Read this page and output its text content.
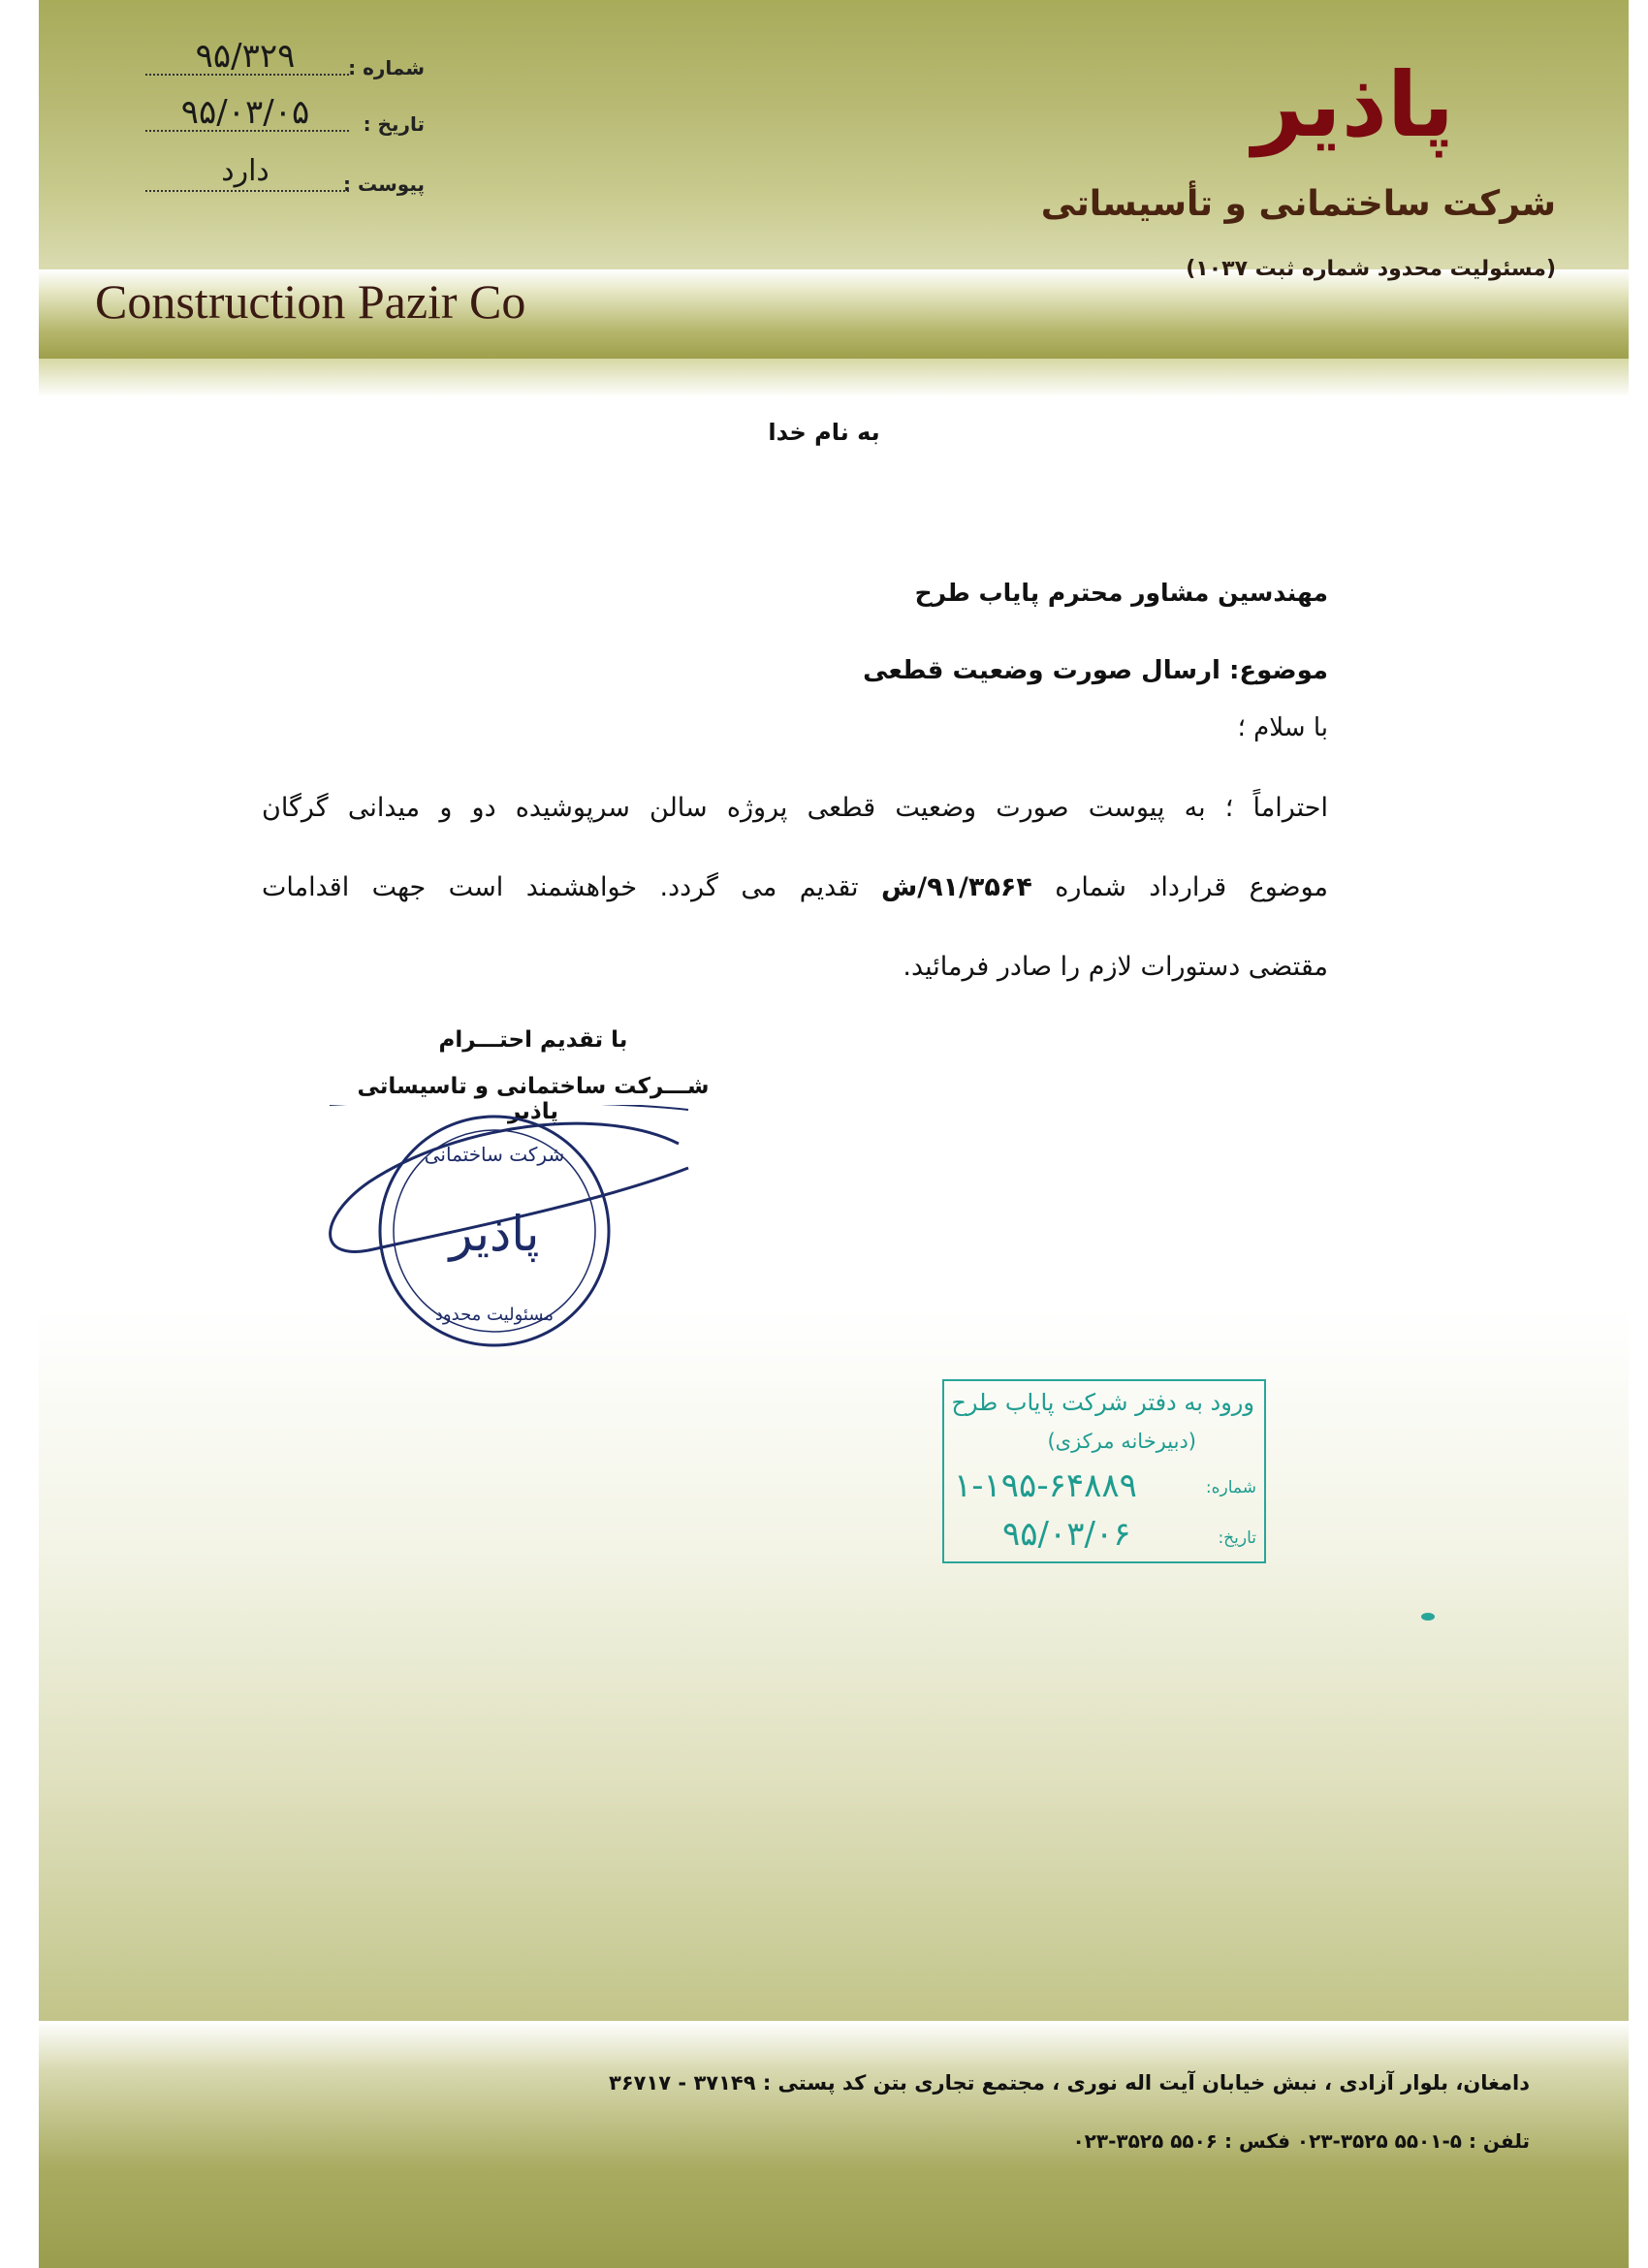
شماره :
۹۵/۳۲۹
تاریخ :
۹۵/۰۳/۰۵
پیوست :
دارد
پاذیر
شرکت ساختمانی و تأسیساتی
(مسئولیت محدود شماره ثبت ۱۰۳۷)
Construction Pazir Co
به نام خدا
مهندسین مشاور محترم پایاب طرح
موضوع: ارسال صورت وضعیت قطعی
با سلام ؛
احتراماً ؛ به پیوست صورت وضعیت قطعی پروژه سالن سرپوشیده دو و میدانی گرگان
موضوع قرارداد شماره ۹۱/۳۵۶۴/ش تقدیم می گردد. خواهشمند است جهت اقدامات
مقتضی دستورات لازم را صادر فرمائید.
با تقدیم احتـــرام
شـــرکت ساختمانی و تاسیساتی پاذیر
پاذیر
شرکت ساختمانی
مسئولیت محدود
ورود به دفتر شرکت پایاب طرح
(دبیرخانه مرکزی)
شماره:
۱-۱۹۵-۶۴۸۸۹
تاریخ:
۹۵/۰۳/۰۶
دامغان، بلوار آزادی ، نبش خیابان آیت اله نوری ، مجتمع تجاری بتن کد پستی : ۳۷۱۴۹ - ۳۶۷۱۷
تلفن : ۵-۵۵۰۱ ۳۵۲۵-۰۲۳ فکس : ۵۵۰۶ ۳۵۲۵-۰۲۳
